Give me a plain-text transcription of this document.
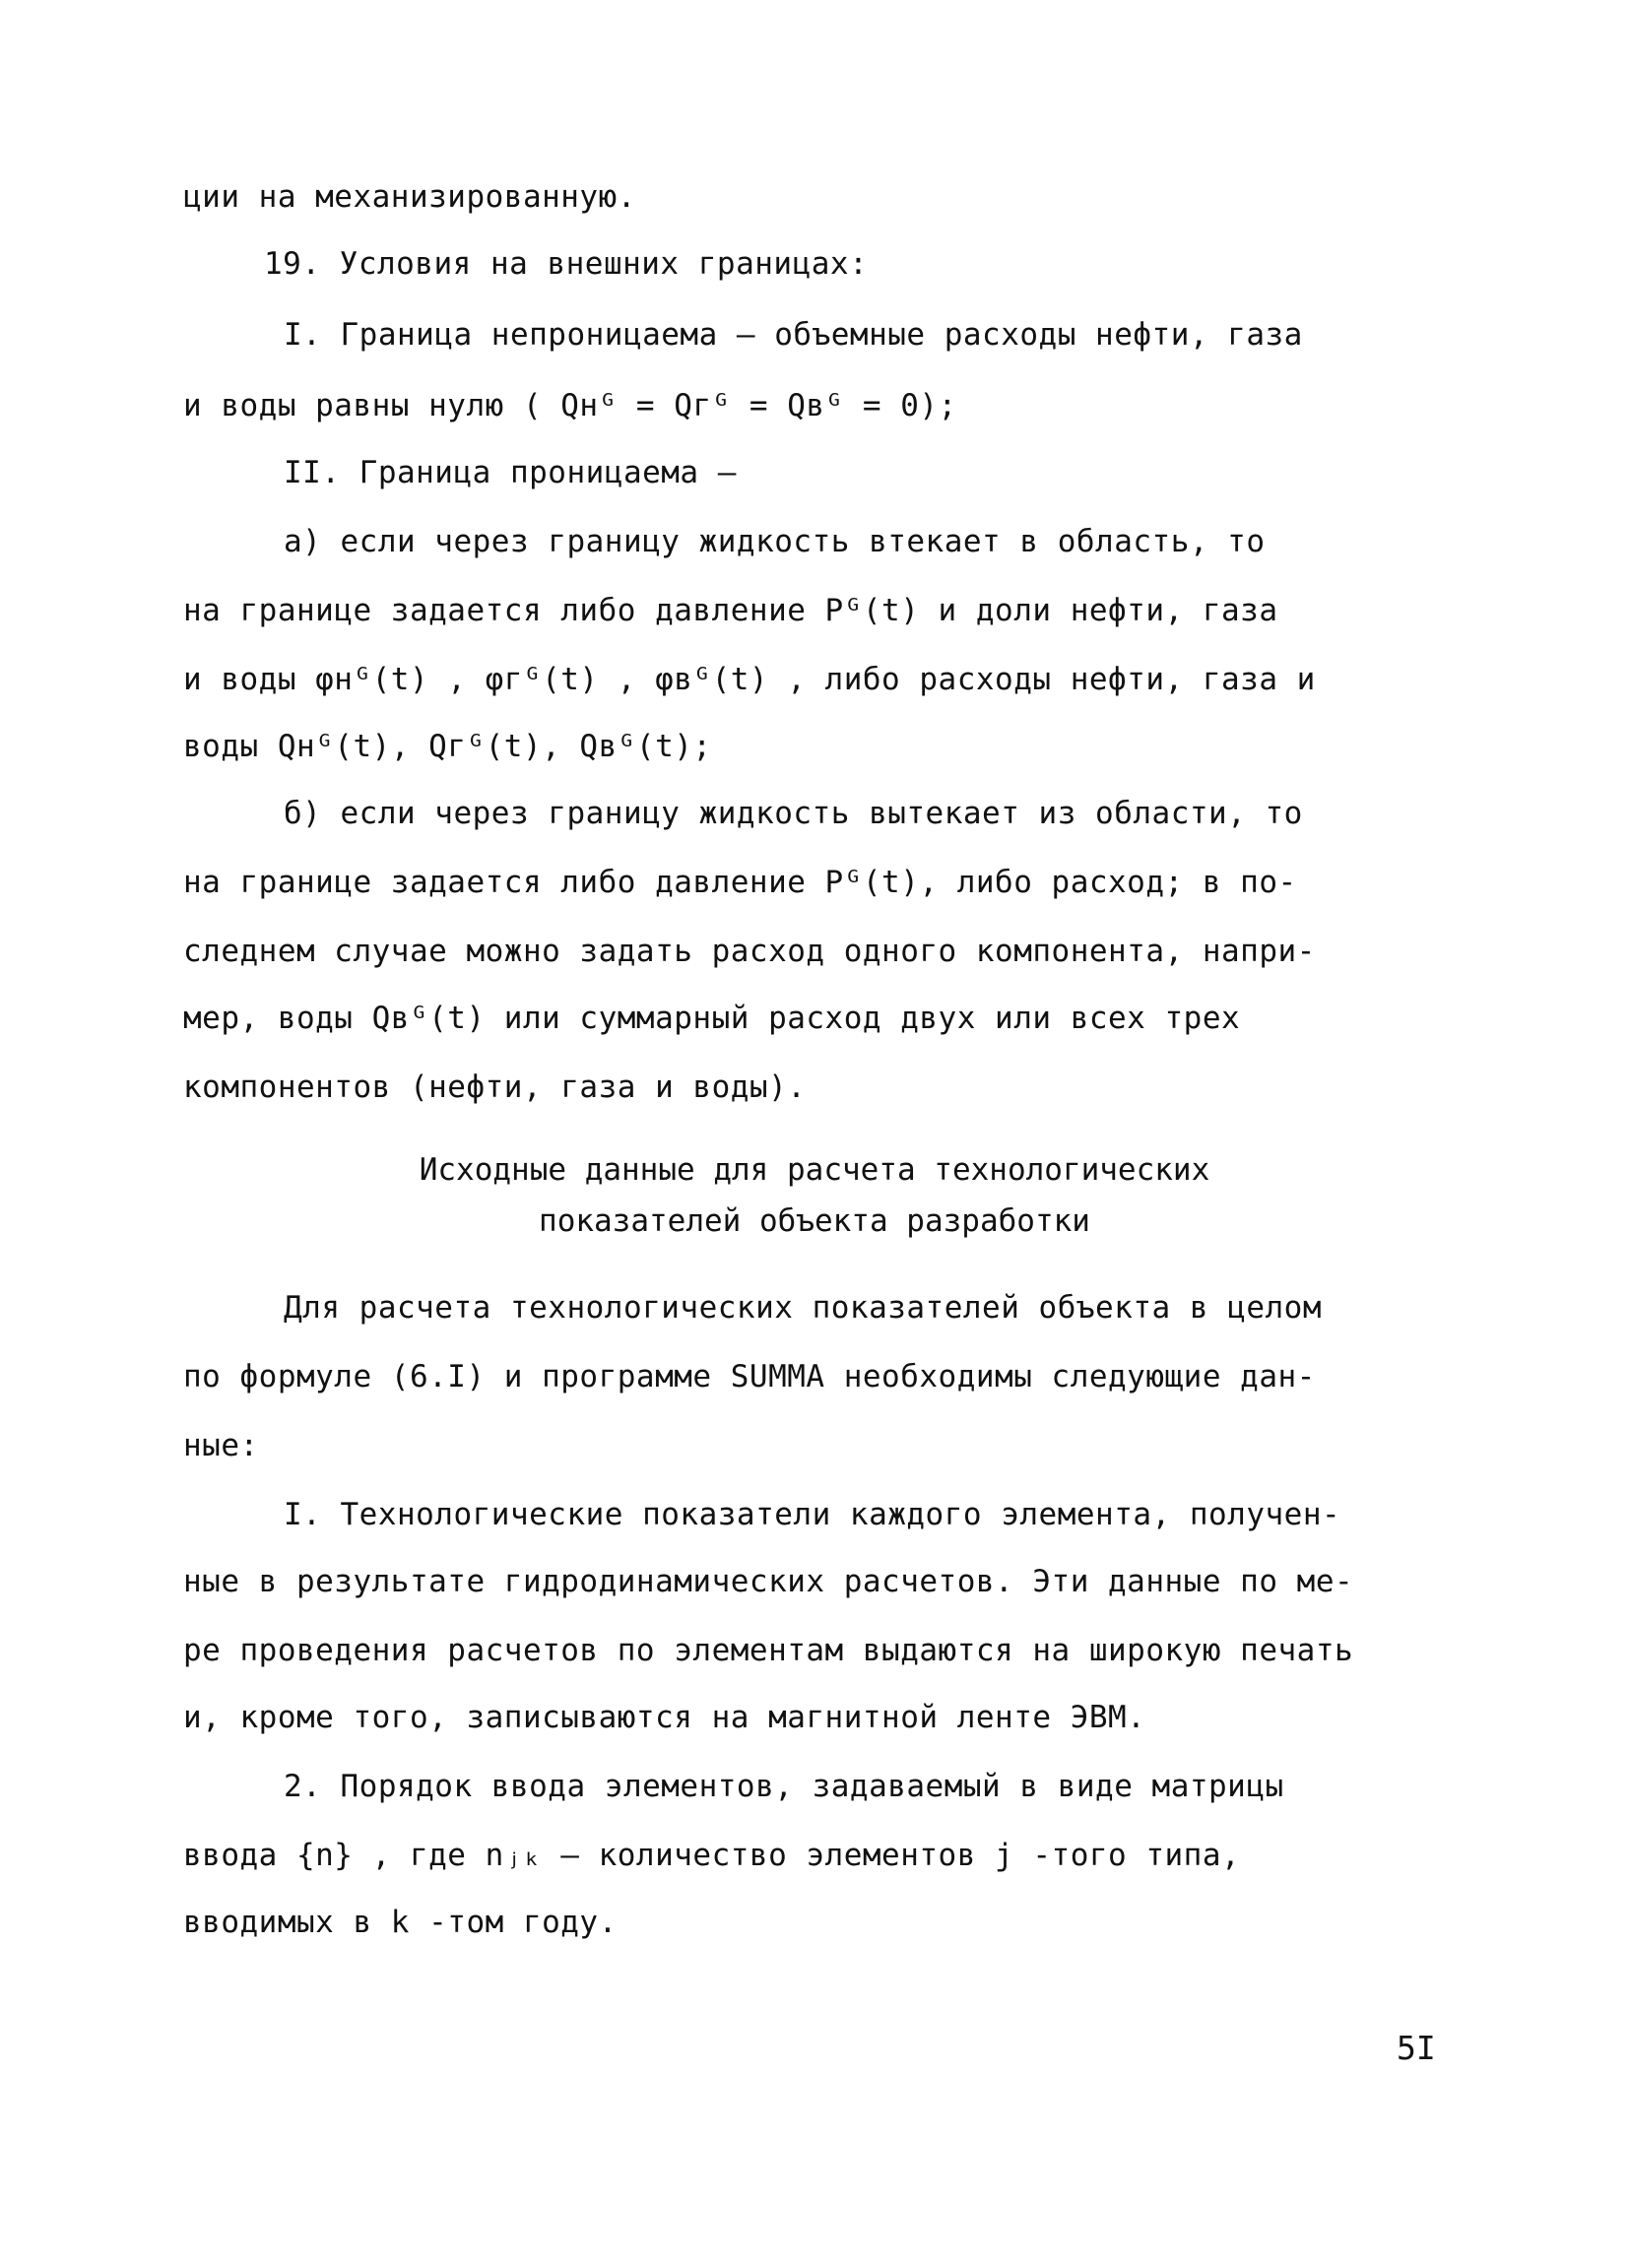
ции на механизированную.
19. Условия на внешних границах:
I. Граница непроницаема – объемные расходы нефти, газа
и воды равны нулю ( Qнᴳ = Qгᴳ = Qвᴳ = 0);
II. Граница проницаема –
а) если через границу жидкость втекает в область, то
на границе задается либо давление Pᴳ(t) и доли нефти, газа
и воды φнᴳ(t) , φгᴳ(t) , φвᴳ(t) , либо расходы нефти, газа и
воды Qнᴳ(t), Qгᴳ(t), Qвᴳ(t);
б) если через границу жидкость вытекает из области, то
на границе задается либо давление Pᴳ(t), либо расход; в по-
следнем случае можно задать расход одного компонента, напри-
мер, воды Qвᴳ(t) или суммарный расход двух или всех трех
компонентов (нефти, газа и воды).
Исходные данные для расчета технологических
показателей объекта разработки
Для расчета технологических показателей объекта в целом
по формуле (6.I) и программе SUMMA необходимы следующие дан-
ные:
I. Технологические показатели каждого элемента, получен-
ные в результате гидродинамических расчетов. Эти данные по ме-
ре проведения расчетов по элементам выдаются на широкую печать
и, кроме того, записываются на магнитной ленте ЭВМ.
2. Порядок ввода элементов, задаваемый в виде матрицы
ввода {n} , где nⱼₖ – количество элементов j -того типа,
вводимых в k -том году.
5I
